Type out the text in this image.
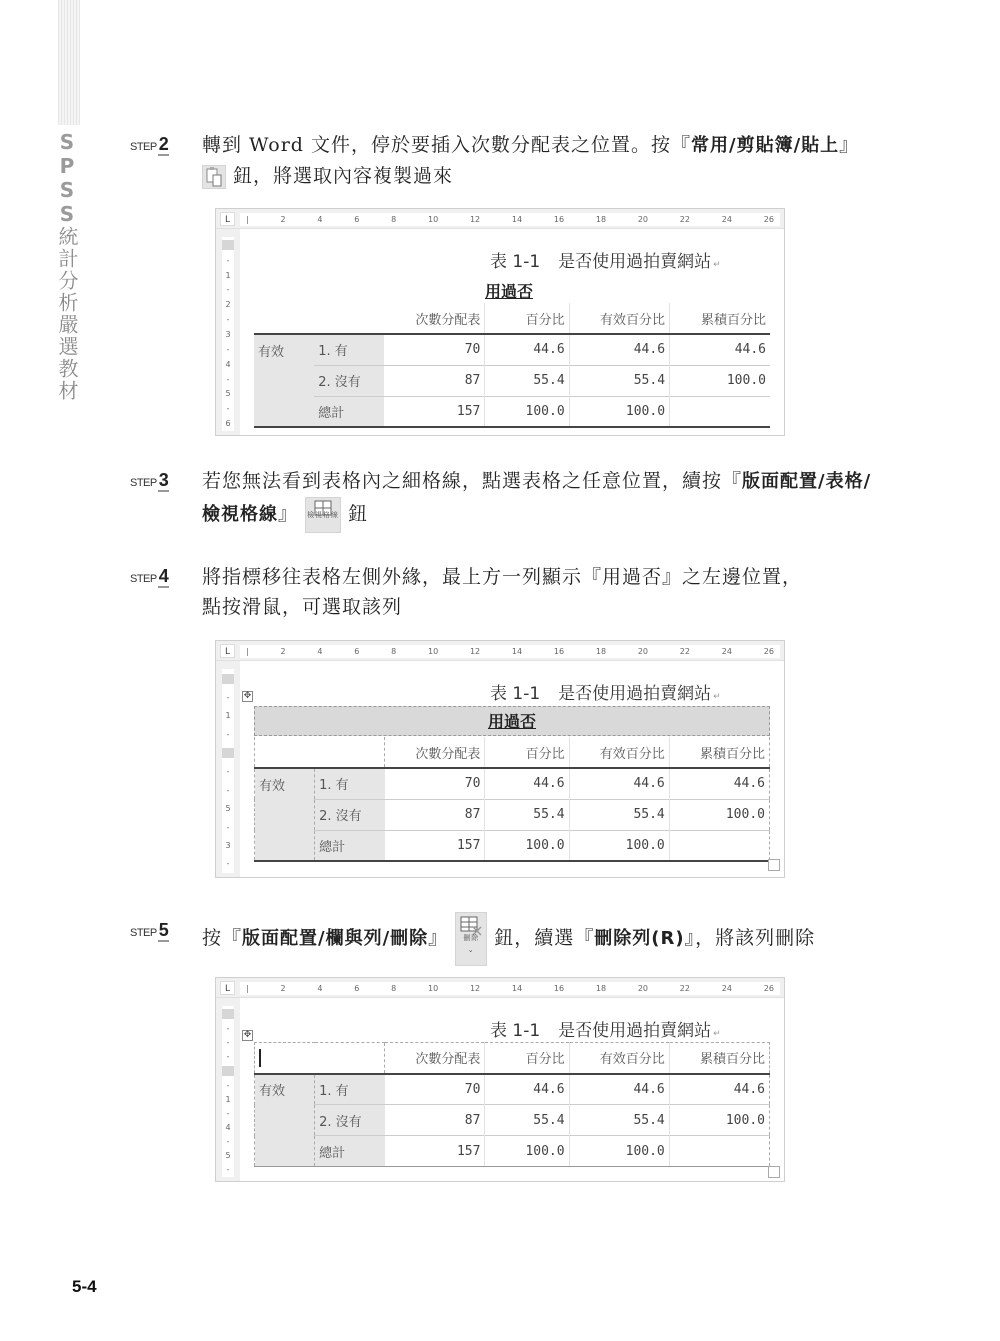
SPSS統計分析嚴選教材
STEP 2 轉到 Word 文件，停於要插入次數分配表之位置。按『常用/剪貼簿/貼上』  鈕，將選取內容複製過來
L	|	2	4	6	8	10	12	14	16	18	20	22	24	26
-
1
-
2
-
3
-
4
-
5
-
6
表 1-1 是否使用過拍賣網站 ↵
用過否
		次數分配表	百分比	有效百分比	累積百分比
有效	1. 有	70	44.6	44.6	44.6
	2. 沒有	87	55.4	55.4	100.0
	總計	157	100.0	100.0	
STEP 3 若您無法看到表格內之細格線，點選表格之任意位置，續按『版面配置/表格/檢視格線』 檢視格線 鈕
STEP 4 將指標移往表格左側外緣，最上方一列顯示『用過否』之左邊位置，
點按滑鼠，可選取該列
L	|	2	4	6	8	10	12	14	16	18	20	22	24	26
-
1
-
-
-
5
-
3
-
✥	表 1-1 是否使用過拍賣網站 ↵
用過否
		次數分配表	百分比	有效百分比	累積百分比
有效	1. 有	70	44.6	44.6	44.6
	2. 沒有	87	55.4	55.4	100.0
	總計	157	100.0	100.0	
STEP 5 按『版面配置/欄與列/刪除』	刪除
⌄
鈕，續選『刪除列(R)』，將該列刪除
L	|	2	4	6	8	10	12	14	16	18	20	22	24	26
-
-
-
-
1
-
4
-
5
-
✥	表 1-1 是否使用過拍賣網站 ↵
		次數分配表	百分比	有效百分比	累積百分比
有效	1. 有	70	44.6	44.6	44.6
	2. 沒有	87	55.4	55.4	100.0
	總計	157	100.0	100.0	
5-4
